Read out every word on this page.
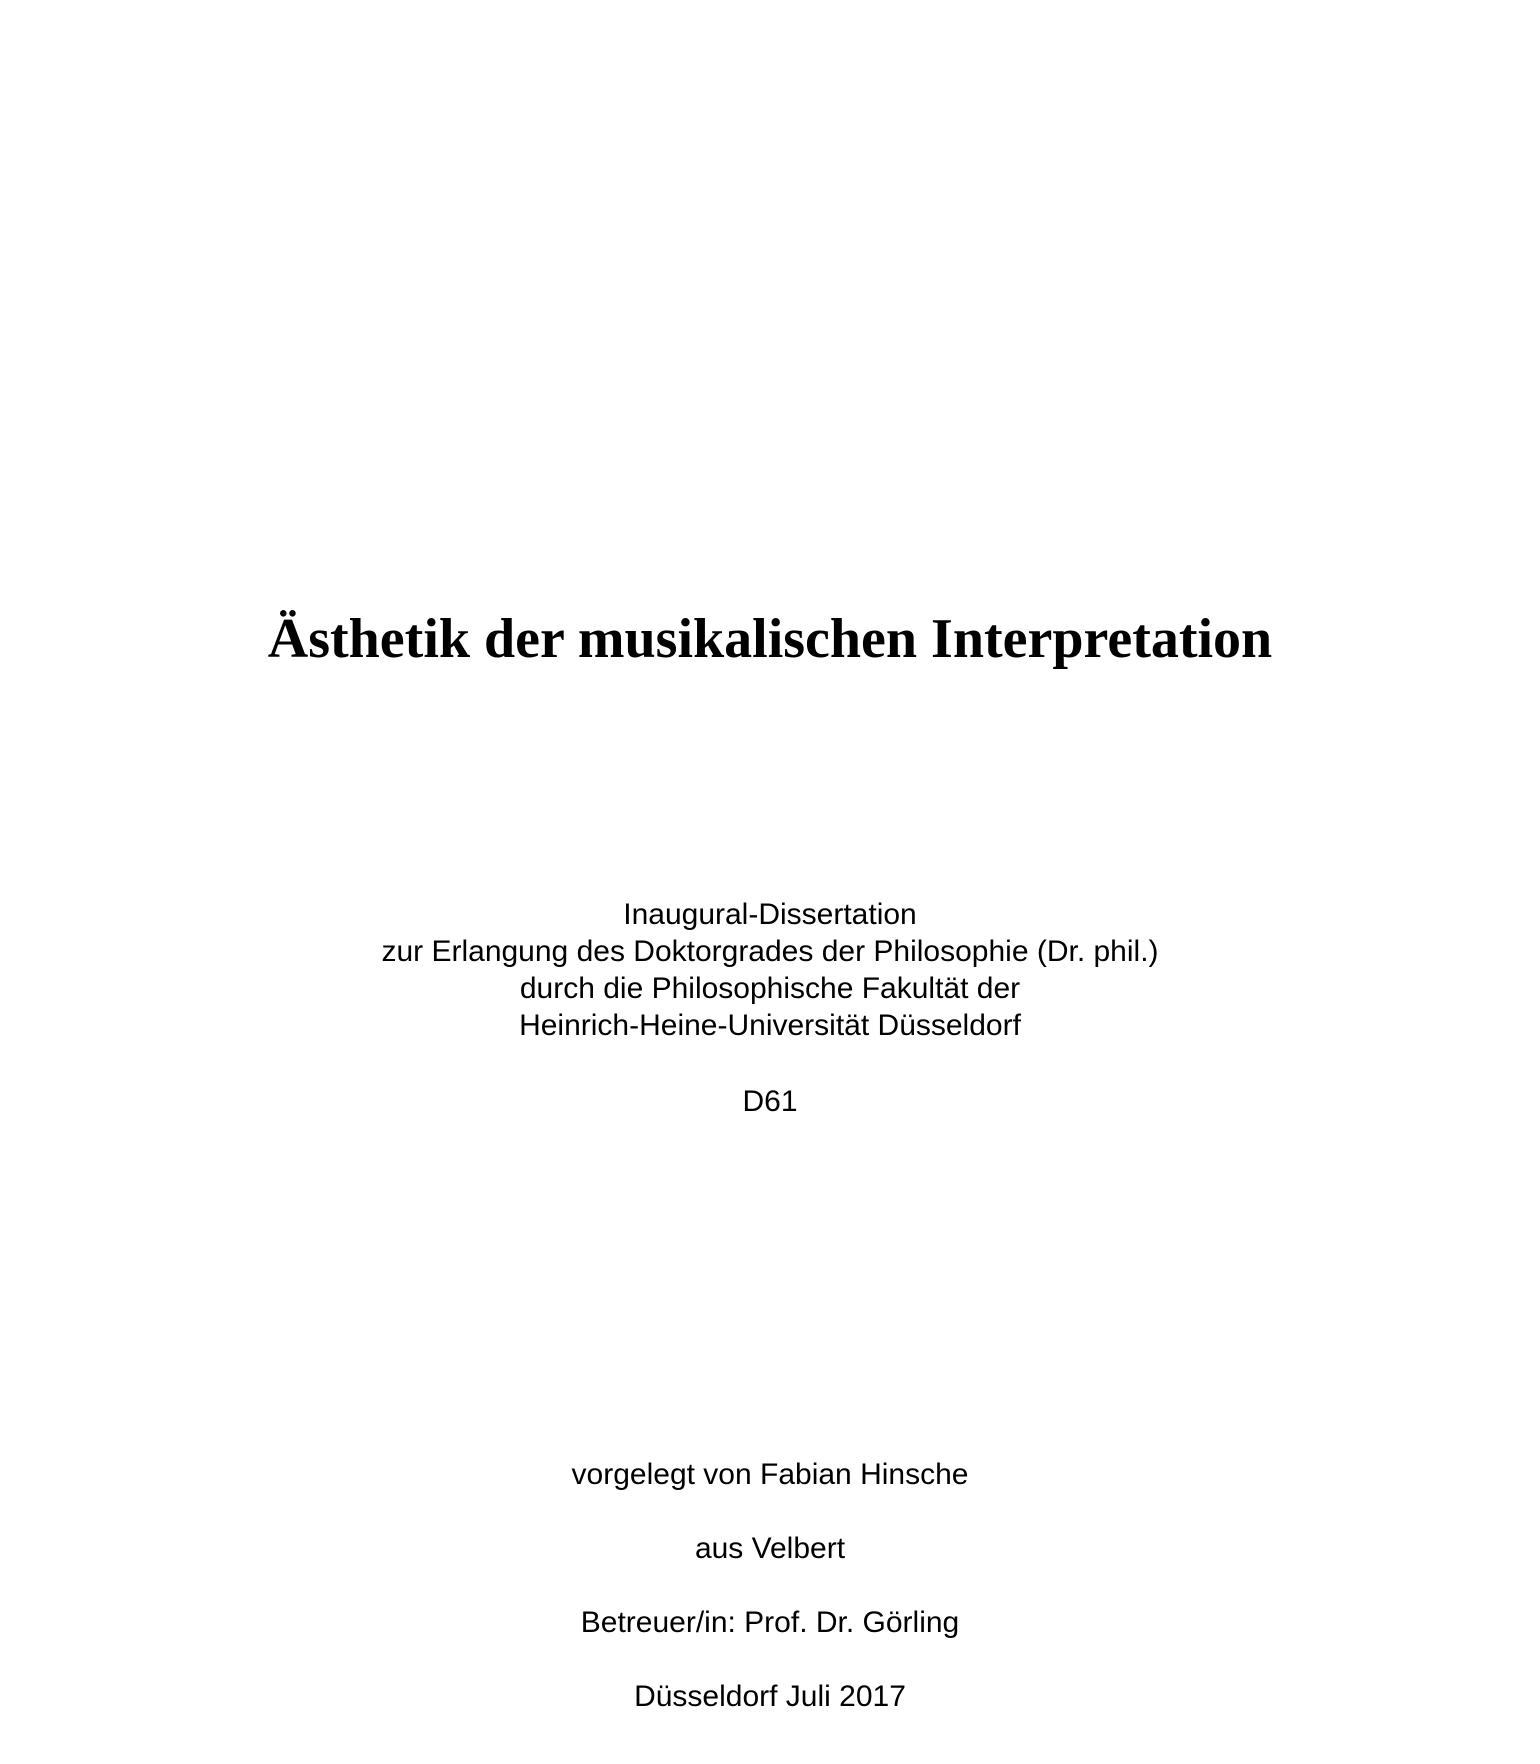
Ästhetik der musikalischen Interpretation
Inaugural-Dissertation
zur Erlangung des Doktorgrades der Philosophie (Dr. phil.)
durch die Philosophische Fakultät der
Heinrich-Heine-Universität Düsseldorf
D61
vorgelegt von Fabian Hinsche
aus Velbert
Betreuer/in: Prof. Dr. Görling
Düsseldorf Juli 2017
